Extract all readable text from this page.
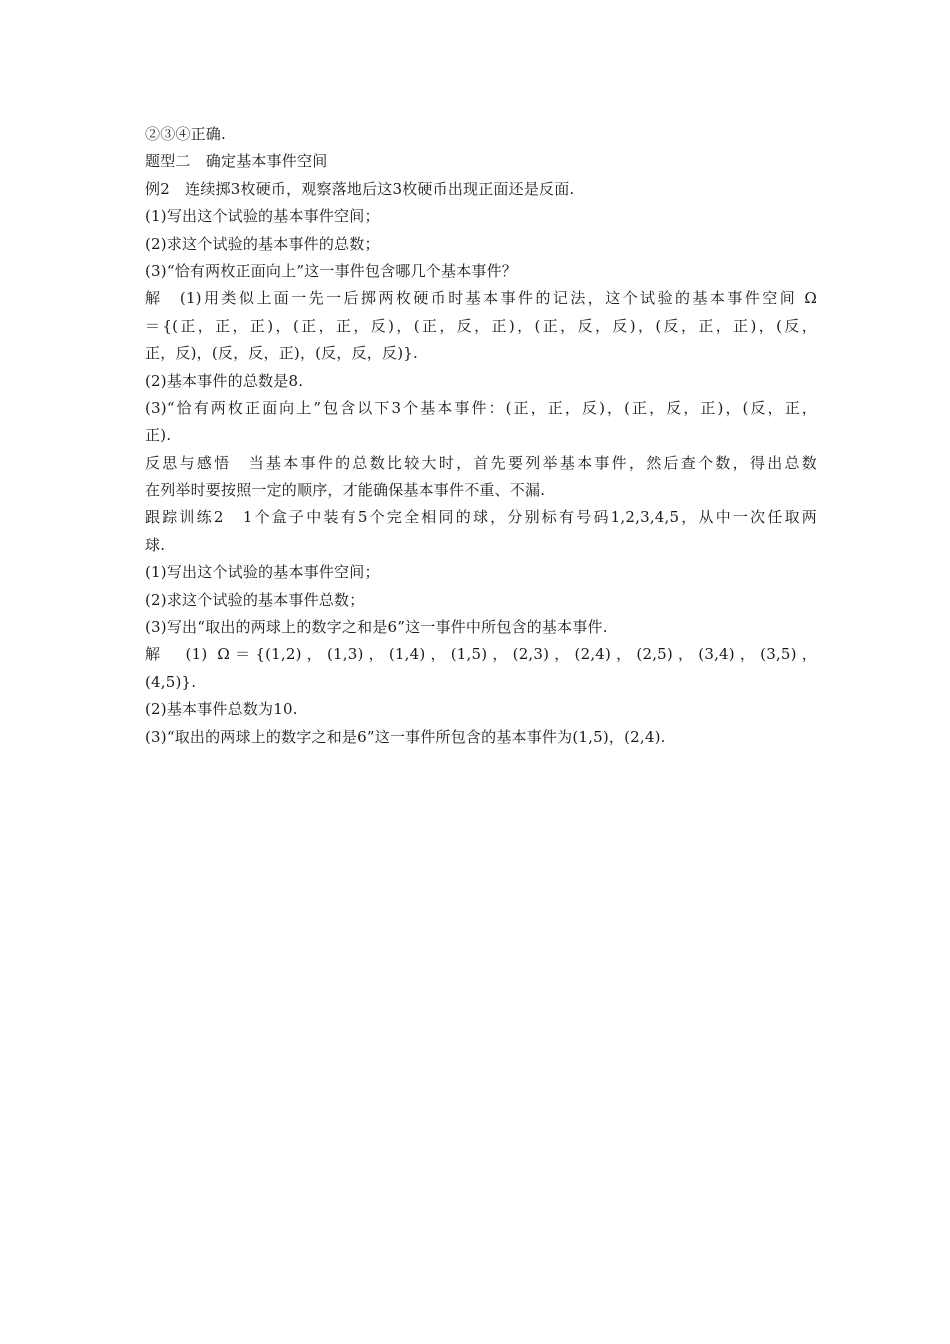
②③④正确.
题型二　确定基本事件空间
例2　连续掷3枚硬币，观察落地后这3枚硬币出现正面还是反面.
(1)写出这个试验的基本事件空间；
(2)求这个试验的基本事件的总数；
(3)“恰有两枚正面向上”这一事件包含哪几个基本事件？
解　(1)用类似上面一先一后掷两枚硬币时基本事件的记法，这个试验的基本事件空间 Ω
＝{(正，正，正)，(正，正，反)，(正，反，正)，(正，反，反)，(反，正，正)，(反，
正，反)，(反，反，正)，(反，反，反)}.
(2)基本事件的总数是8.
(3)“恰有两枚正面向上”包含以下3个基本事件：(正，正，反)，(正，反，正)，(反，正，
正).
反思与感悟　当基本事件的总数比较大时，首先要列举基本事件，然后查个数，得出总数
在列举时要按照一定的顺序，才能确保基本事件不重、不漏.
跟踪训练2　1个盒子中装有5个完全相同的球，分别标有号码1,2,3,4,5，从中一次任取两
球.
(1)写出这个试验的基本事件空间；
(2)求这个试验的基本事件总数；
(3)写出“取出的两球上的数字之和是6”这一事件中所包含的基本事件.
解　(1) Ω＝{(1,2)，(1,3)，(1,4)，(1,5)，(2,3)，(2,4)，(2,5)，(3,4)，(3,5)，
(4,5)}.
(2)基本事件总数为10.
(3)“取出的两球上的数字之和是6”这一事件所包含的基本事件为(1,5)，(2,4).
